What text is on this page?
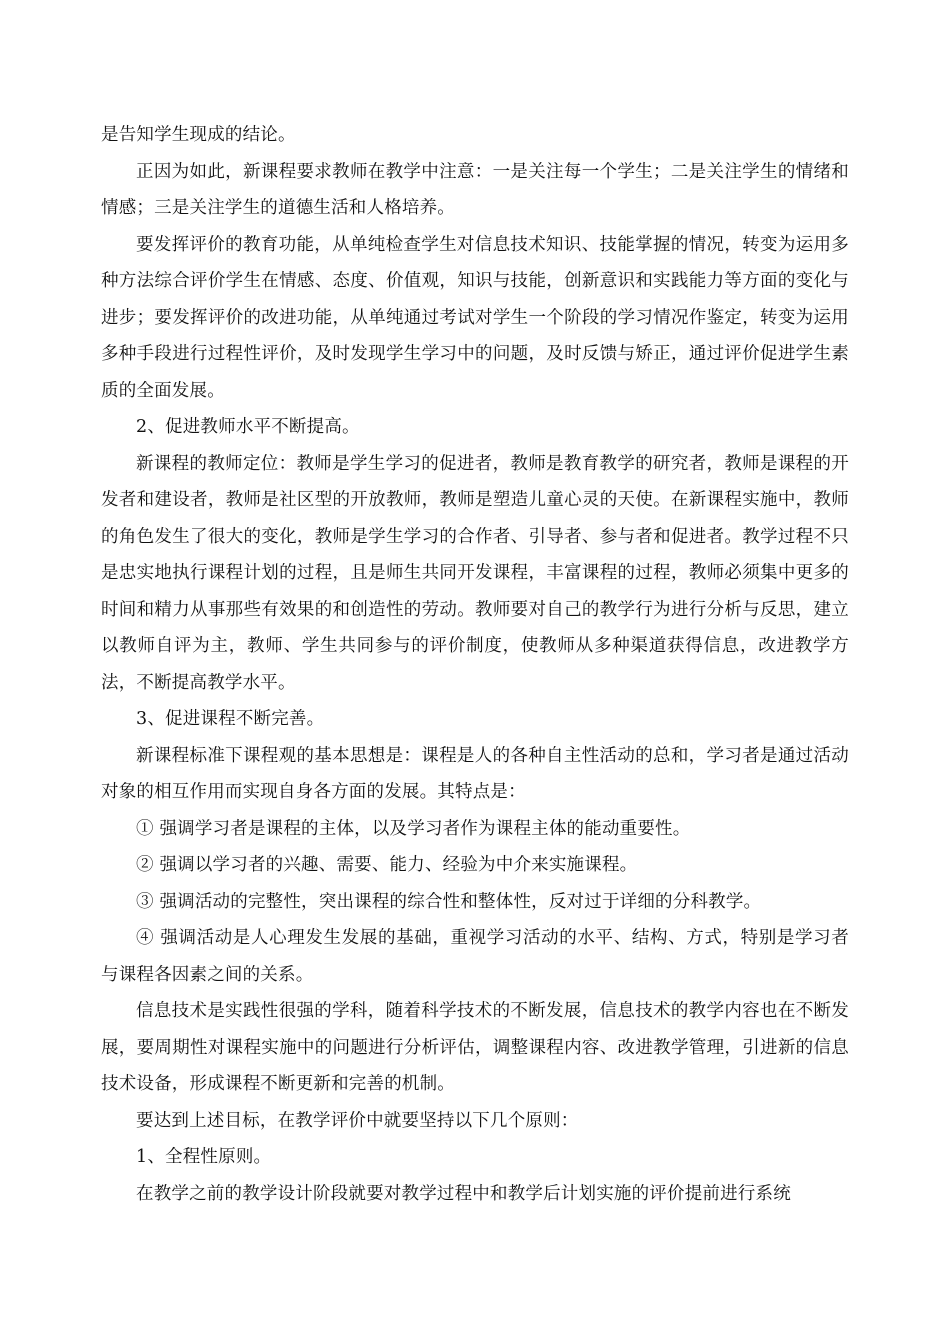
是告知学生现成的结论。

正因为如此，新课程要求教师在教学中注意：一是关注每一个学生；二是关注学生的情绪和情感；三是关注学生的道德生活和人格培养。

要发挥评价的教育功能，从单纯检查学生对信息技术知识、技能掌握的情况，转变为运用多种方法综合评价学生在情感、态度、价值观，知识与技能，创新意识和实践能力等方面的变化与进步；要发挥评价的改进功能，从单纯通过考试对学生一个阶段的学习情况作鉴定，转变为运用多种手段进行过程性评价，及时发现学生学习中的问题，及时反馈与矫正，通过评价促进学生素质的全面发展。

2、促进教师水平不断提高。

新课程的教师定位：教师是学生学习的促进者，教师是教育教学的研究者，教师是课程的开发者和建设者，教师是社区型的开放教师，教师是塑造儿童心灵的天使。在新课程实施中，教师的角色发生了很大的变化，教师是学生学习的合作者、引导者、参与者和促进者。教学过程不只是忠实地执行课程计划的过程，且是师生共同开发课程，丰富课程的过程，教师必须集中更多的时间和精力从事那些有效果的和创造性的劳动。教师要对自己的教学行为进行分析与反思，建立以教师自评为主，教师、学生共同参与的评价制度，使教师从多种渠道获得信息，改进教学方法，不断提高教学水平。

3、促进课程不断完善。

新课程标准下课程观的基本思想是：课程是人的各种自主性活动的总和，学习者是通过活动对象的相互作用而实现自身各方面的发展。其特点是：

① 强调学习者是课程的主体，以及学习者作为课程主体的能动重要性。

② 强调以学习者的兴趣、需要、能力、经验为中介来实施课程。

③ 强调活动的完整性，突出课程的综合性和整体性，反对过于详细的分科教学。

④ 强调活动是人心理发生发展的基础，重视学习活动的水平、结构、方式，特别是学习者与课程各因素之间的关系。

信息技术是实践性很强的学科，随着科学技术的不断发展，信息技术的教学内容也在不断发展，要周期性对课程实施中的问题进行分析评估，调整课程内容、改进教学管理，引进新的信息技术设备，形成课程不断更新和完善的机制。

要达到上述目标，在教学评价中就要坚持以下几个原则：

1、全程性原则。

在教学之前的教学设计阶段就要对教学过程中和教学后计划实施的评价提前进行系统
